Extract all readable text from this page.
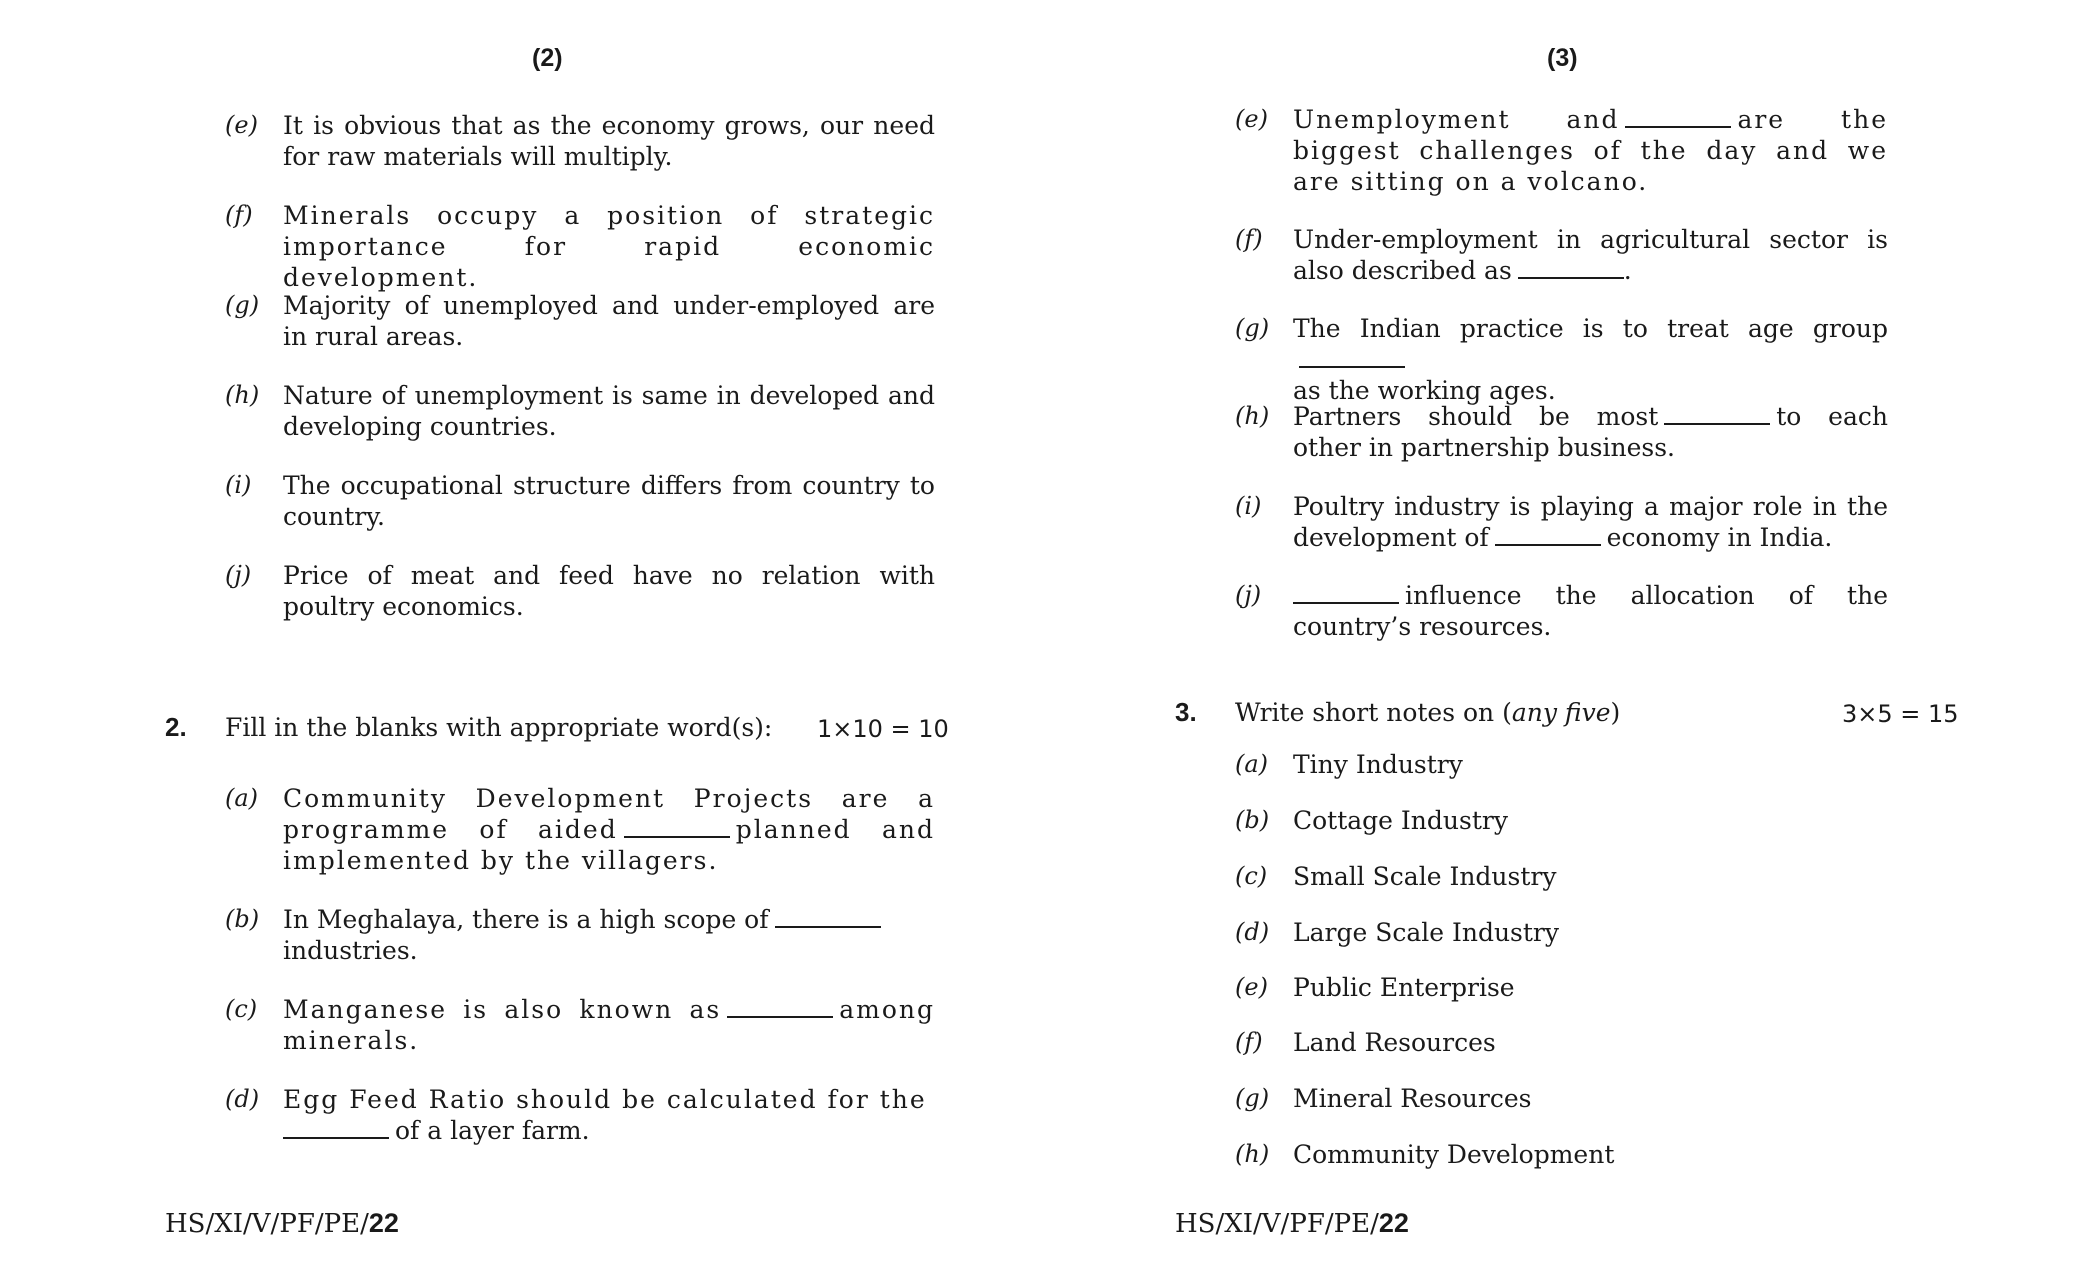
(2)
(e) It is obvious that as the economy grows, our need for raw materials will multiply.
(f) Minerals occupy a position of strategic importance for rapid economic development.
(g) Majority of unemployed and under-employed are in rural areas.
(h) Nature of unemployment is same in developed and developing countries.
(i) The occupational structure differs from country to country.
(j) Price of meat and feed have no relation with poultry economics.
2. Fill in the blanks with appropriate word(s): 1×10 = 10
(a) Community Development Projects are a programme of aided	planned and implemented by the villagers.
(b) In Meghalaya, there is a high scope of
industries.
(c) Manganese is also known as	among minerals.
(d) Egg Feed Ratio should be calculated for the
of a layer farm.
HS/XI/V/PF/PE/22
(3)
(e) Unemployment and	are the biggest challenges of the day and we are sitting on a volcano.
(f) Under-employment in agricultural sector is also described as	.
(g) The Indian practice is to treat age group
as the working ages.
(h) Partners should be most	to each other in partnership business.
(i) Poultry industry is playing a major role in the development of	economy in India.
(j)	influence the allocation of the country’s resources.
3. Write short notes on (any five)	3×5 = 15
(a) Tiny Industry
(b) Cottage Industry
(c) Small Scale Industry
(d) Large Scale Industry
(e) Public Enterprise
(f) Land Resources
(g) Mineral Resources
(h) Community Development
HS/XI/V/PF/PE/22
